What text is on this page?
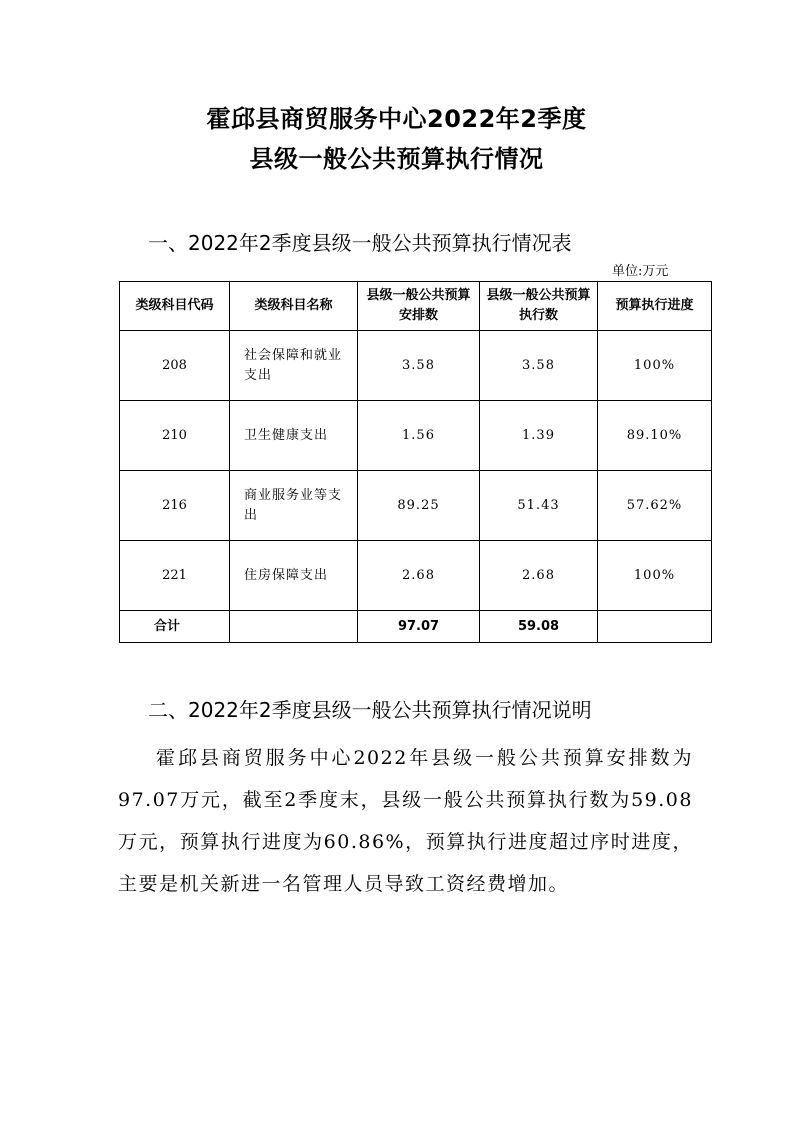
霍邱县商贸服务中心2022年2季度
县级一般公共预算执行情况
一、2022年2季度县级一般公共预算执行情况表
单位:万元
类级科目代码	类级科目名称	县级一般公共预算安排数	县级一般公共预算执行数	预算执行进度
208	社会保障和就业支出	3.58	3.58	100%
210	卫生健康支出	1.56	1.39	89.10%
216	商业服务业等支出	89.25	51.43	57.62%
221	住房保障支出	2.68	2.68	100%
合计		97.07	59.08	
二、2022年2季度县级一般公共预算执行情况说明
霍邱县商贸服务中心2022年县级一般公共预算安排数为97.07万元，截至2季度末，县级一般公共预算执行数为59.08万元，预算执行进度为60.86%，预算执行进度超过序时进度，主要是机关新进一名管理人员导致工资经费增加。
